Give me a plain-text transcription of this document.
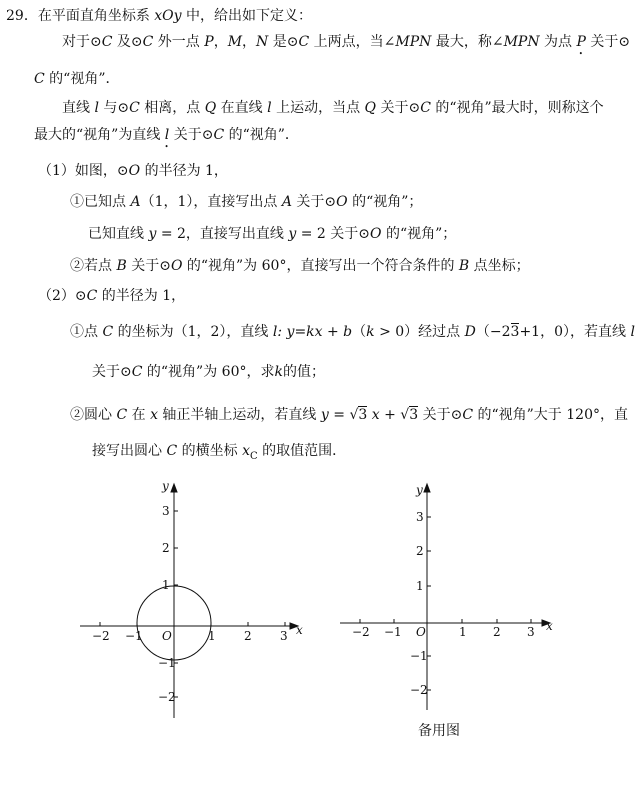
29．在平面直角坐标系 xOy 中，给出如下定义：
对于⊙C 及⊙C 外一点 P，M，N 是⊙C 上两点，当∠MPN 最大，称∠MPN 为点 P 关于⊙
C 的“视角”．
直线 l 与⊙C 相离，点 Q 在直线 l 上运动，当点 Q 关于⊙C 的“视角”最大时，则称这个
最大的“视角”为直线 l 关于⊙C 的“视角”．
（1）如图，⊙O 的半径为 1，
①已知点 A（1，1），直接写出点 A 关于⊙O 的“视角”；
已知直线 y = 2，直接写出直线 y = 2 关于⊙O 的“视角”；
②若点 B 关于⊙O 的“视角”为 60°，直接写出一个符合条件的 B 点坐标；
（2）⊙C 的半径为 1，
①点 C 的坐标为（1，2），直线 l: y=kx + b（k > 0）经过点 D（−23+1，0），若直线 l
关于⊙C 的“视角”为 60°，求k的值；
②圆心 C 在 x 轴正半轴上运动，若直线 y = √3 x + √3 关于⊙C 的“视角”大于 120°，直
接写出圆心 C 的横坐标 $x_C$ 的取值范围．
x
y
O
−2 −1	1 2 3
3
2
1
−1
−2
x
y
O
−2 −1	1 2 3
3
2
1
−1
−2
备用图
